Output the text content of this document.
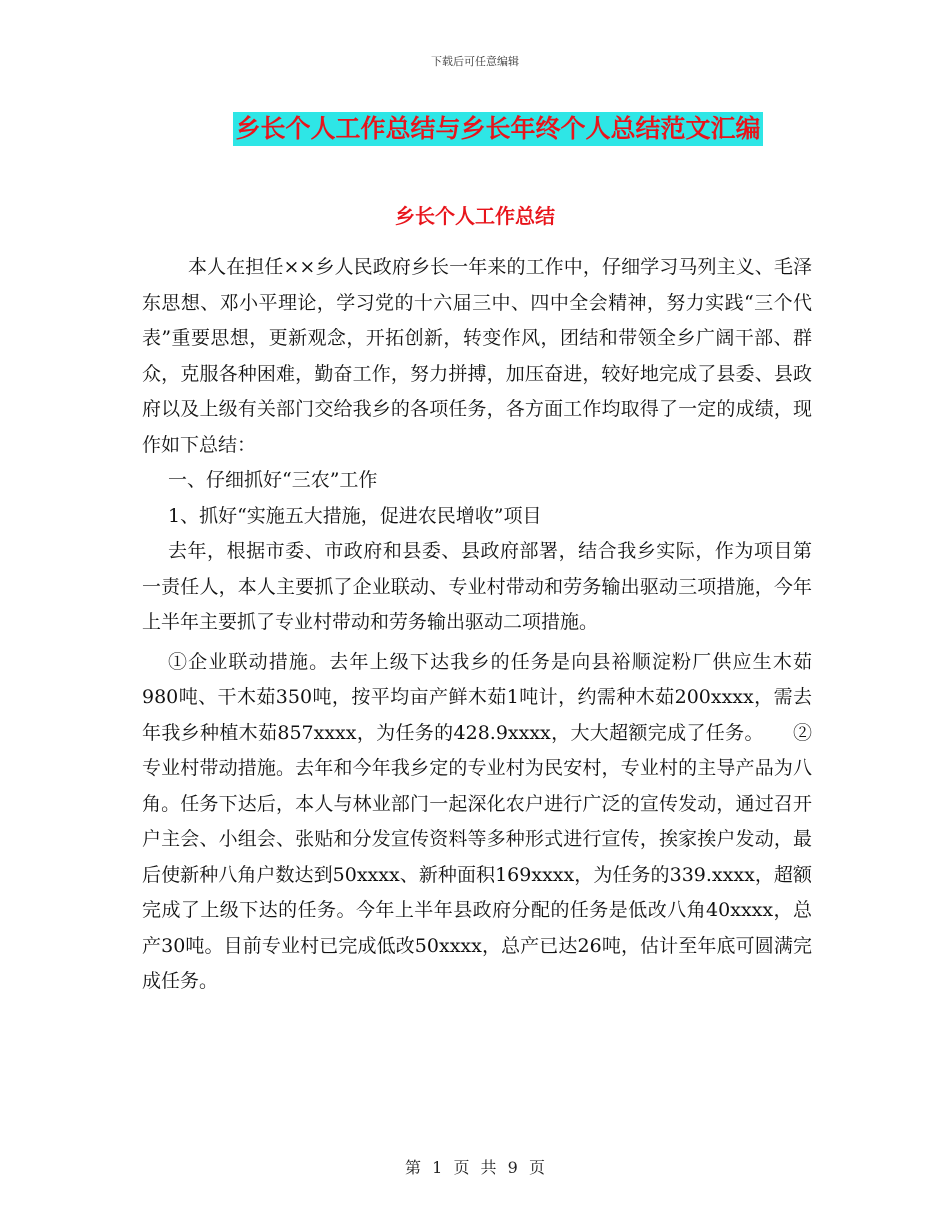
下载后可任意编辑
乡长个人工作总结与乡长年终个人总结范文汇编
乡长个人工作总结

本人在担任××乡人民政府乡长一年来的工作中，仔细学习马列主义、毛泽东思想、邓小平理论，学习党的十六届三中、四中全会精神，努力实践“三个代表”重要思想，更新观念，开拓创新，转变作风，团结和带领全乡广阔干部、群众，克服各种困难，勤奋工作，努力拼搏，加压奋进，较好地完成了县委、县政府以及上级有关部门交给我乡的各项任务，各方面工作均取得了一定的成绩，现作如下总结：

一、仔细抓好“三农”工作

1、抓好“实施五大措施，促进农民增收”项目

去年，根据市委、市政府和县委、县政府部署，结合我乡实际，作为项目第一责任人，本人主要抓了企业联动、专业村带动和劳务输出驱动三项措施，今年上半年主要抓了专业村带动和劳务输出驱动二项措施。

①企业联动措施。去年上级下达我乡的任务是向县裕顺淀粉厂供应生木茹980吨、干木茹350吨，按平均亩产鲜木茹1吨计，约需种木茹200xxxx，需去年我乡种植木茹857xxxx，为任务的428.9xxxx，大大超额完成了任务。　　②专业村带动措施。去年和今年我乡定的专业村为民安村，专业村的主导产品为八角。任务下达后，本人与林业部门一起深化农户进行广泛的宣传发动，通过召开户主会、小组会、张贴和分发宣传资料等多种形式进行宣传，挨家挨户发动，最后使新种八角户数达到50xxxx、新种面积169xxxx，为任务的339.xxxx，超额完成了上级下达的任务。今年上半年县政府分配的任务是低改八角40xxxx，总产30吨。目前专业村已完成低改50xxxx，总产已达26吨，估计至年底可圆满完成任务。

第 1 页 共 9 页
